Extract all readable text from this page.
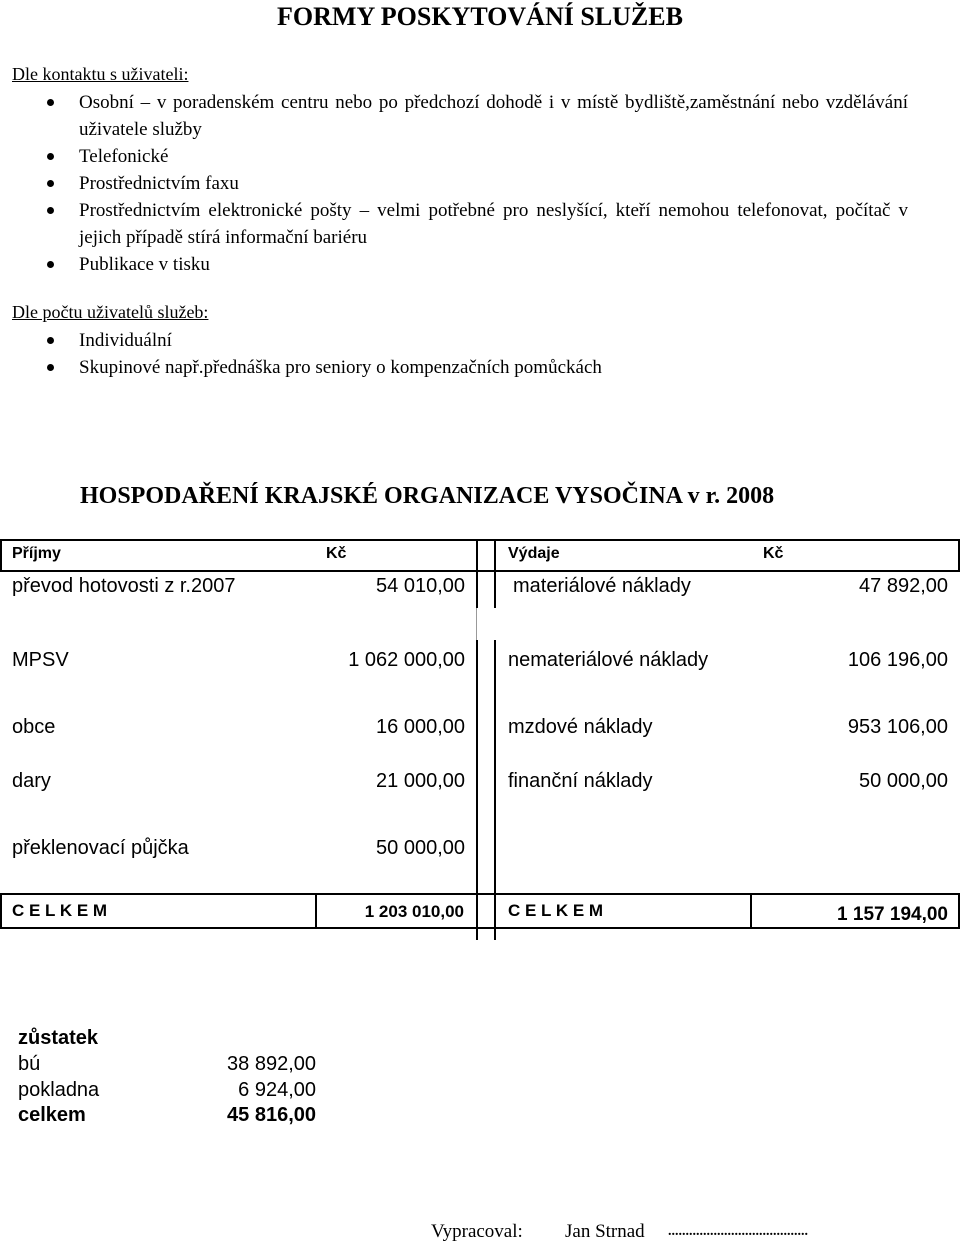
FORMY POSKYTOVÁNÍ SLUŽEB
Dle kontaktu s uživateli:
Osobní – v poradenském centru nebo po předchozí dohodě i v místě bydliště,zaměstnání nebo vzdělávání uživatele služby
Telefonické
Prostřednictvím faxu
Prostřednictvím elektronické pošty – velmi potřebné pro neslyšící, kteří nemohou telefonovat, počítač v jejich případě stírá informační bariéru
Publikace v tisku
Dle počtu uživatelů služeb:
Individuální
Skupinové např.přednáška pro seniory o kompenzačních pomůckách
HOSPODAŘENÍ KRAJSKÉ ORGANIZACE VYSOČINA v r. 2008
Příjmy	Kč	Výdaje	Kč
převod hotovosti z r.2007	54 010,00 materiálové náklady	47 892,00
MPSV	1 062 000,00 nemateriálové náklady	106 196,00
obce	16 000,00 mzdové náklady	953 106,00
dary	21 000,00 finanční náklady	50 000,00
překlenovací půjčka	50 000,00
C E L K E M	1 203 010,00	C E L K E M	1 157 194,00
zůstatek
bú	38 892,00
pokladna	6 924,00
celkem	45 816,00
Vypracoval: Jan Strnad ........................................
